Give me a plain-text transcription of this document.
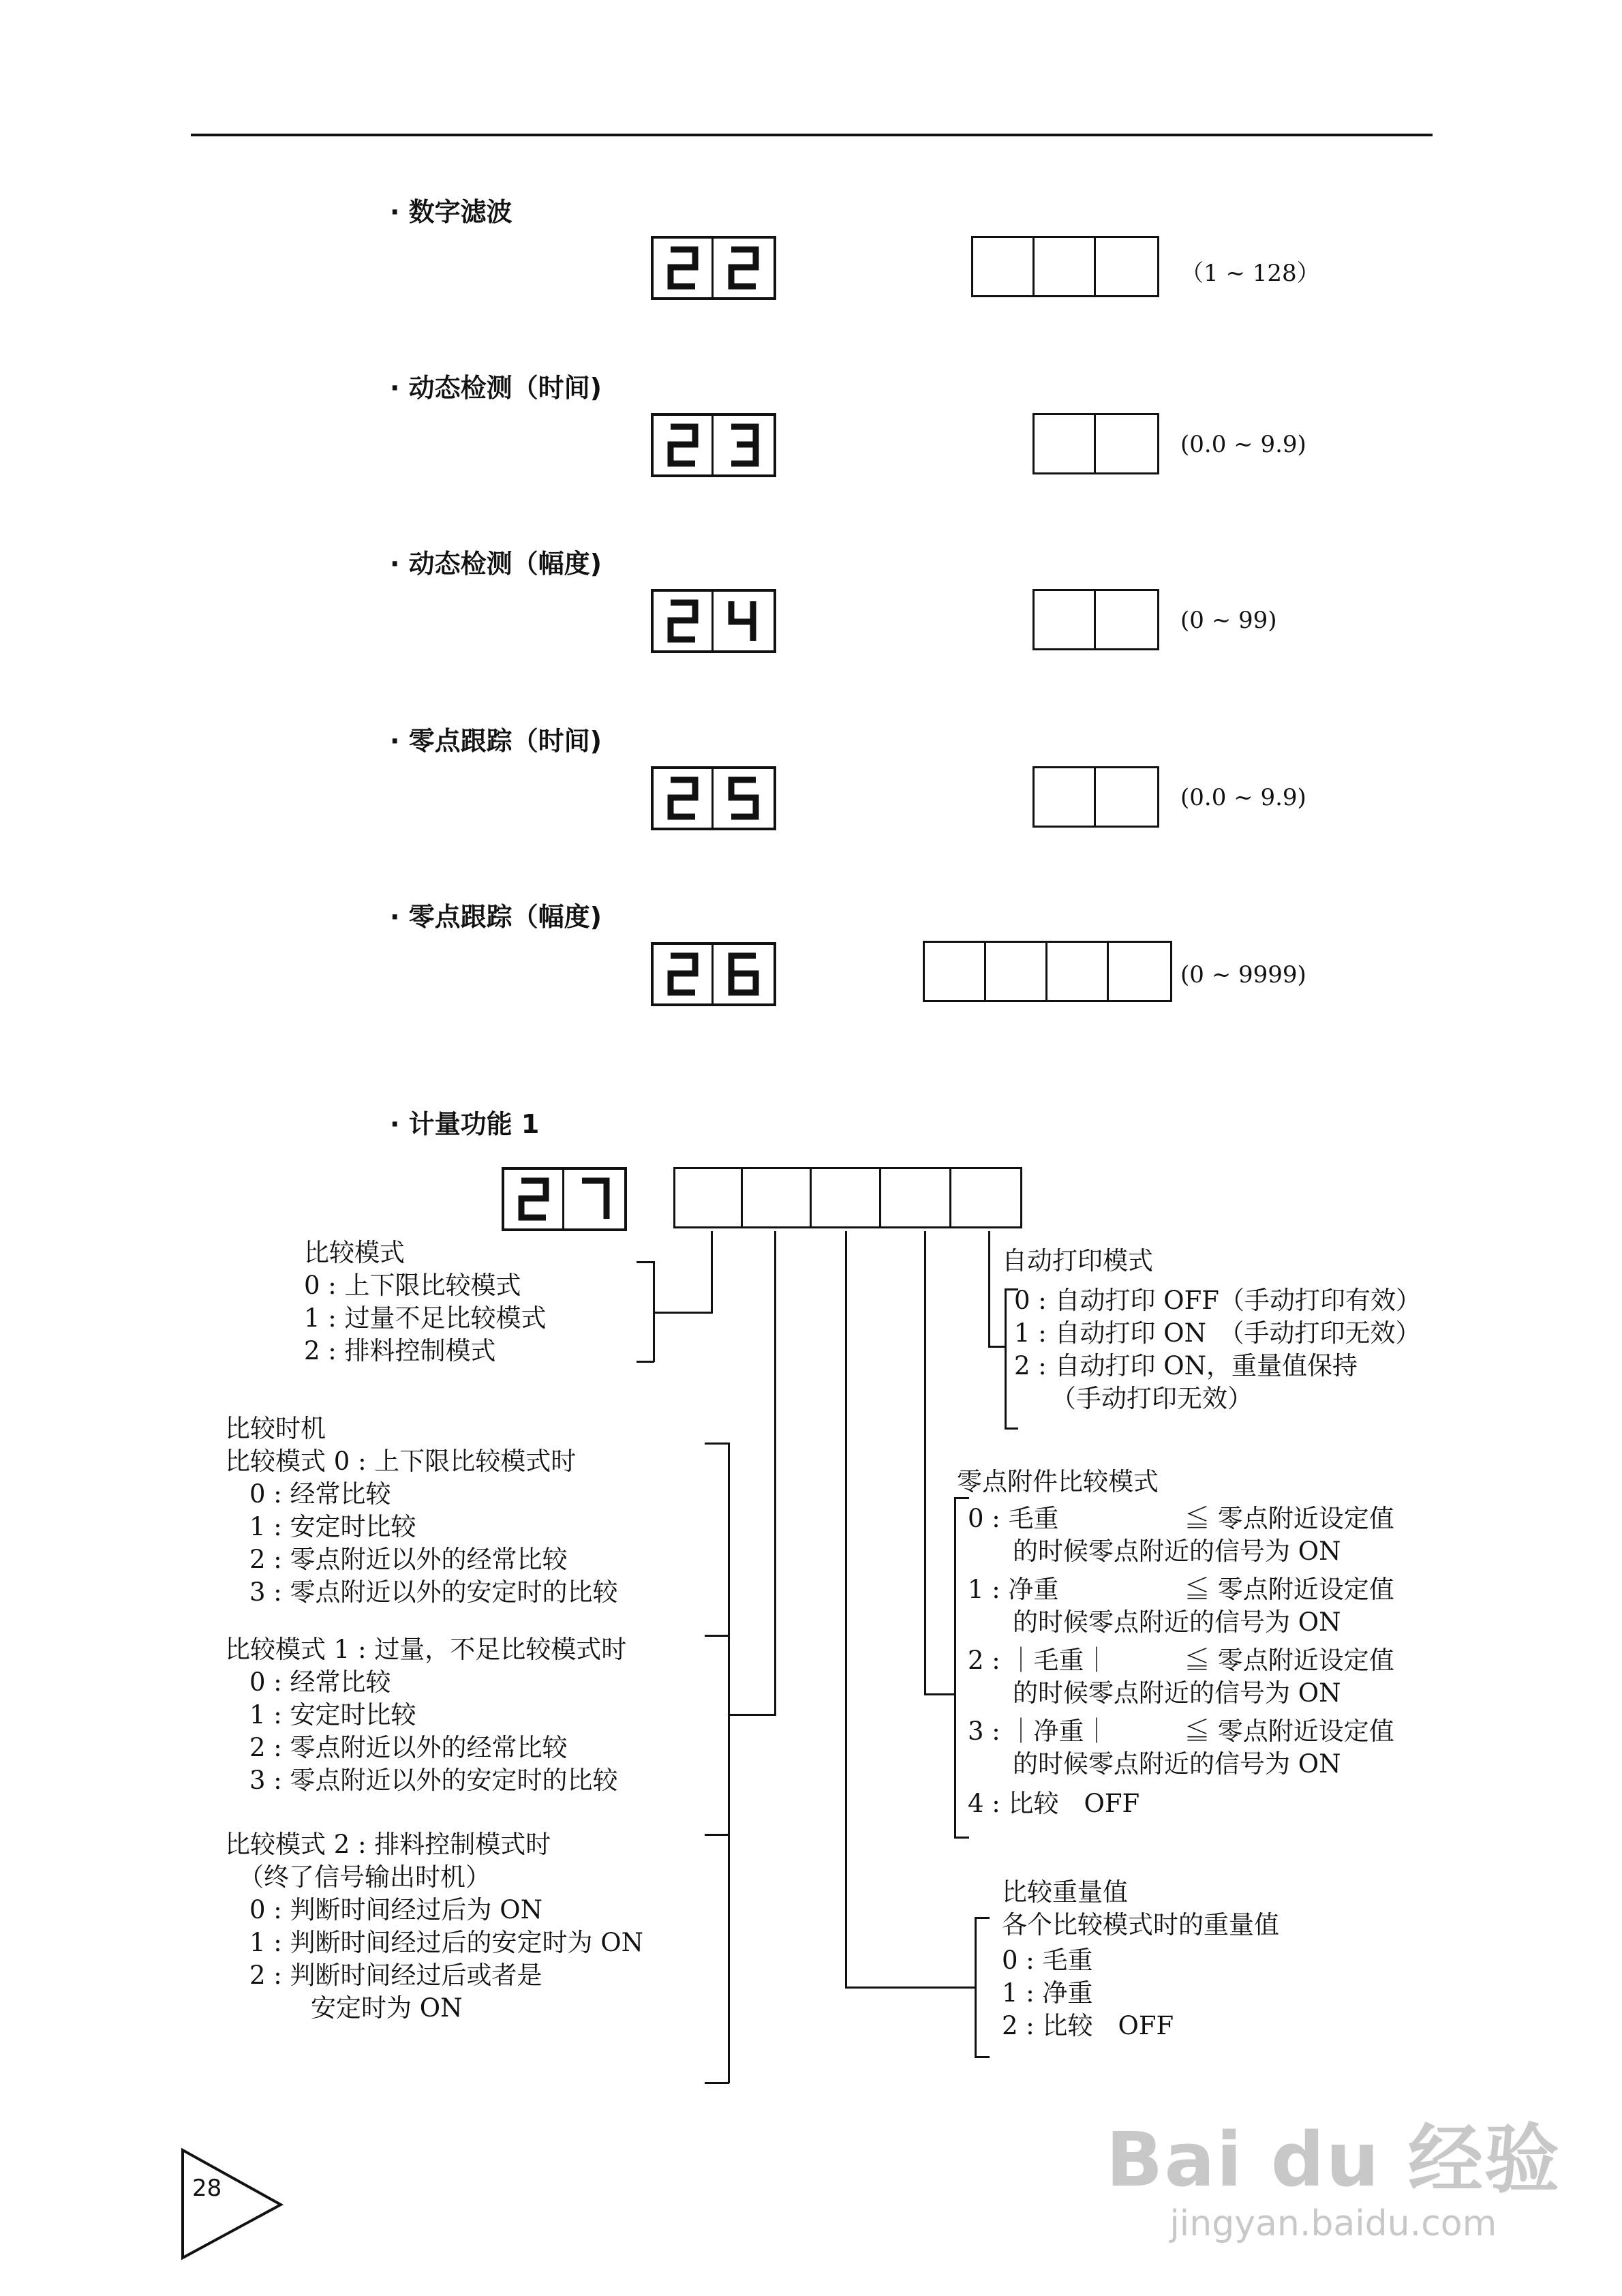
· 数字滤波
（1 ~ 128）
· 动态检测（时间)
(0.0 ~ 9.9)
· 动态检测（幅度)
(0 ~ 99)
· 零点跟踪（时间)
(0.0 ~ 9.9)
· 零点跟踪（幅度)
(0 ~ 9999)
· 计量功能 1
比较模式
0 : 上下限比较模式
1 : 过量不足比较模式
2 : 排料控制模式
比较时机
比较模式 0 : 上下限比较模式时
0 : 经常比较
1 : 安定时比较
2 : 零点附近以外的经常比较
3 : 零点附近以外的安定时的比较
比较模式 1 : 过量，不足比较模式时
0 : 经常比较
1 : 安定时比较
2 : 零点附近以外的经常比较
3 : 零点附近以外的安定时的比较
比较模式 2 : 排料控制模式时
（终了信号输出时机）
0 : 判断时间经过后为 ON
1 : 判断时间经过后的安定时为 ON
2 : 判断时间经过后或者是
安定时为 ON
自动打印模式
0 : 自动打印 OFF（手动打印有效）
1 : 自动打印 ON　（手动打印无效）
2 : 自动打印 ON，重量值保持
（手动打印无效）
零点附件比较模式
0 : 毛重	≦ 零点附近设定值
的时候零点附近的信号为 ON
1 : 净重	≦ 零点附近设定值
的时候零点附近的信号为 ON
2 : ｜毛重｜	≦ 零点附近设定值
的时候零点附近的信号为 ON
3 : ｜净重｜	≦ 零点附近设定值
的时候零点附近的信号为 ON
4 : 比较　OFF
比较重量值
各个比较模式时的重量值
0 : 毛重
1 : 净重
2 : 比较　OFF
28	Bai du 经验
jingyan.baidu.com
